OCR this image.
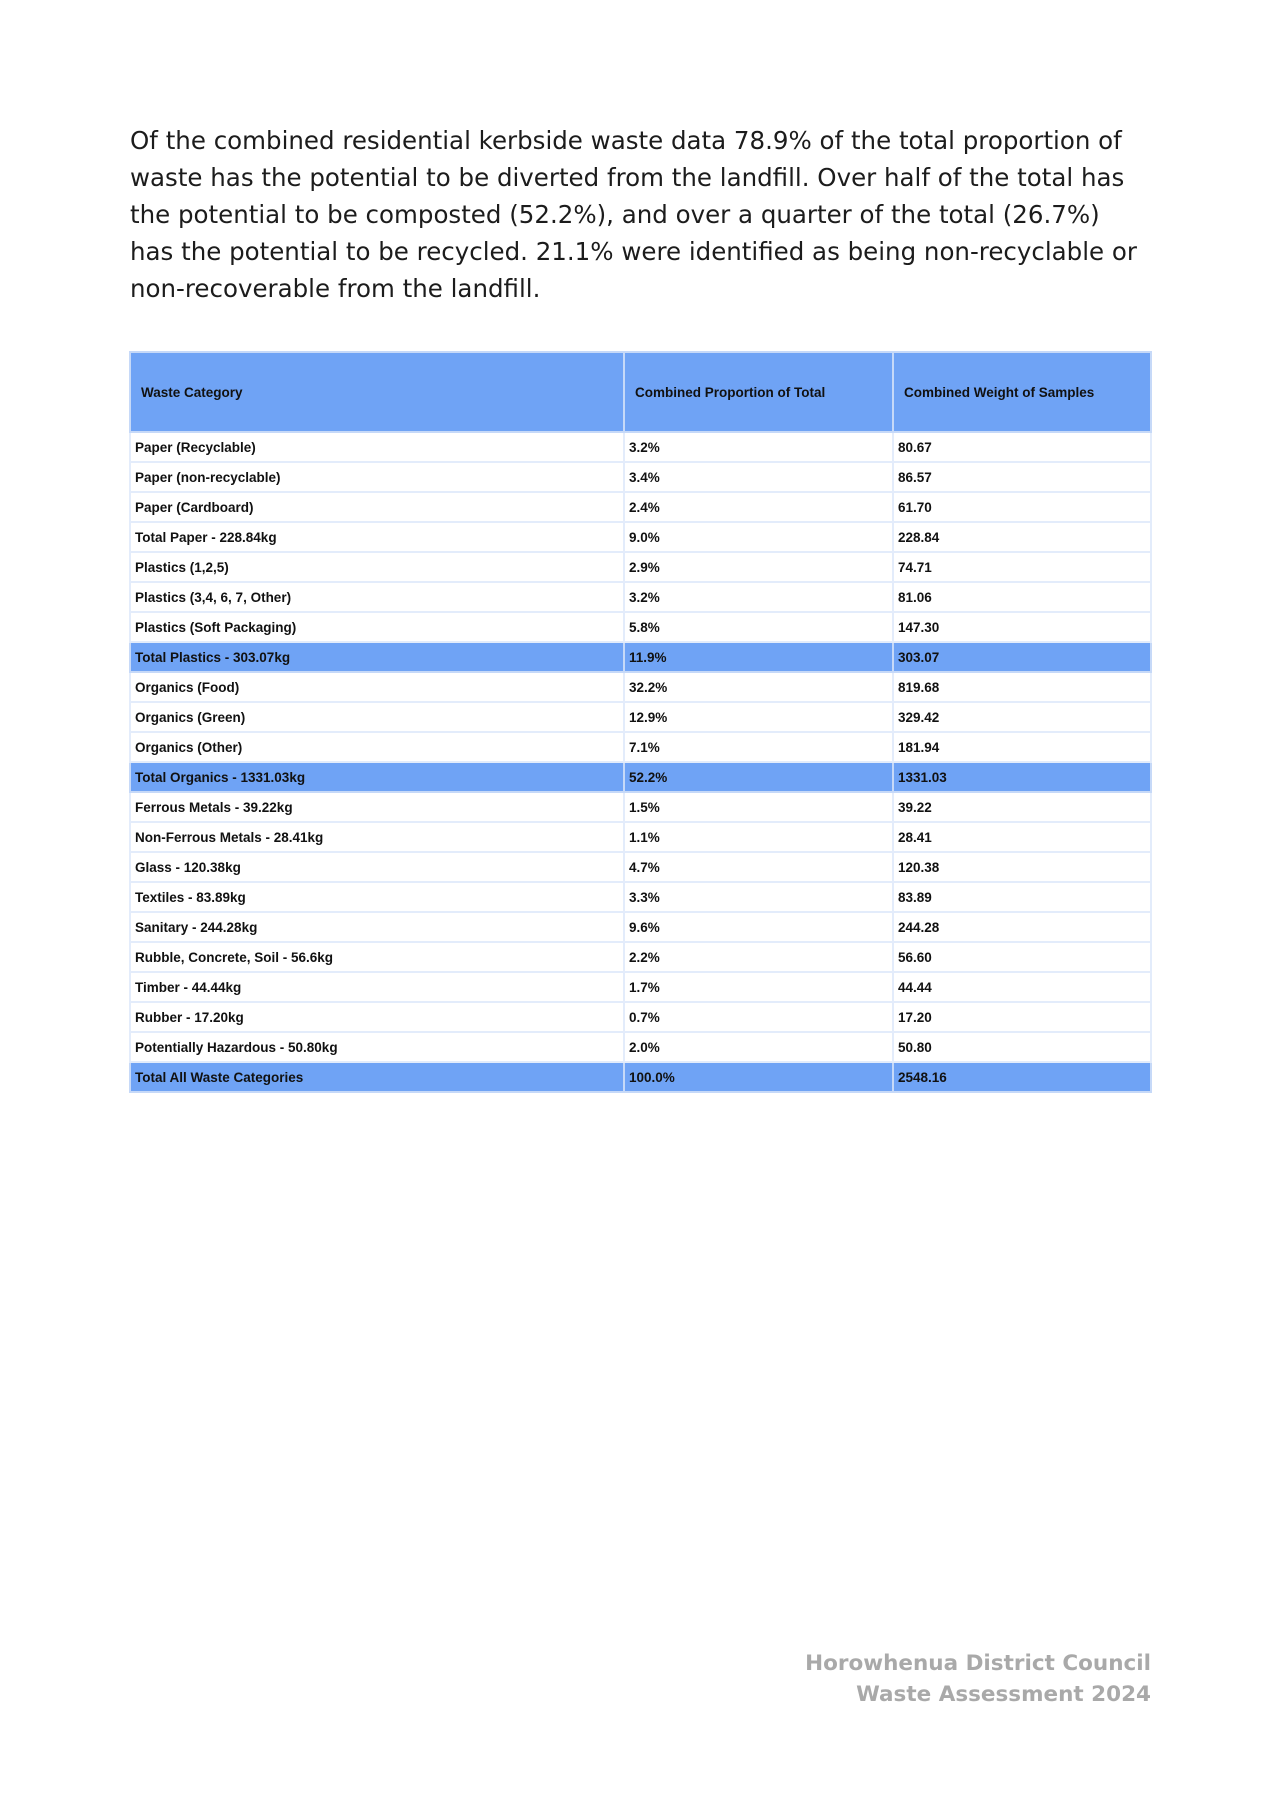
Of the combined residential kerbside waste data 78.9% of the total proportion of waste has the potential to be diverted from the landfill. Over half of the total has the potential to be composted (52.2%), and over a quarter of the total (26.7%) has the potential to be recycled. 21.1% were identified as being non-recyclable or non-recoverable from the landfill.

Waste Category	Combined Proportion of Total	Combined Weight of Samples
Paper (Recyclable)	3.2%	80.67
Paper (non-recyclable)	3.4%	86.57
Paper (Cardboard)	2.4%	61.70
Total Paper - 228.84kg	9.0%	228.84
Plastics (1,2,5)	2.9%	74.71
Plastics (3,4, 6, 7, Other)	3.2%	81.06
Plastics (Soft Packaging)	5.8%	147.30
Total Plastics - 303.07kg	11.9%	303.07
Organics (Food)	32.2%	819.68
Organics (Green)	12.9%	329.42
Organics (Other)	7.1%	181.94
Total Organics - 1331.03kg	52.2%	1331.03
Ferrous Metals - 39.22kg	1.5%	39.22
Non-Ferrous Metals - 28.41kg	1.1%	28.41
Glass - 120.38kg	4.7%	120.38
Textiles - 83.89kg	3.3%	83.89
Sanitary - 244.28kg	9.6%	244.28
Rubble, Concrete, Soil - 56.6kg	2.2%	56.60
Timber - 44.44kg	1.7%	44.44
Rubber - 17.20kg	0.7%	17.20
Potentially Hazardous - 50.80kg	2.0%	50.80
Total All Waste Categories	100.0%	2548.16
Horowhenua District Council
Waste Assessment 2024
